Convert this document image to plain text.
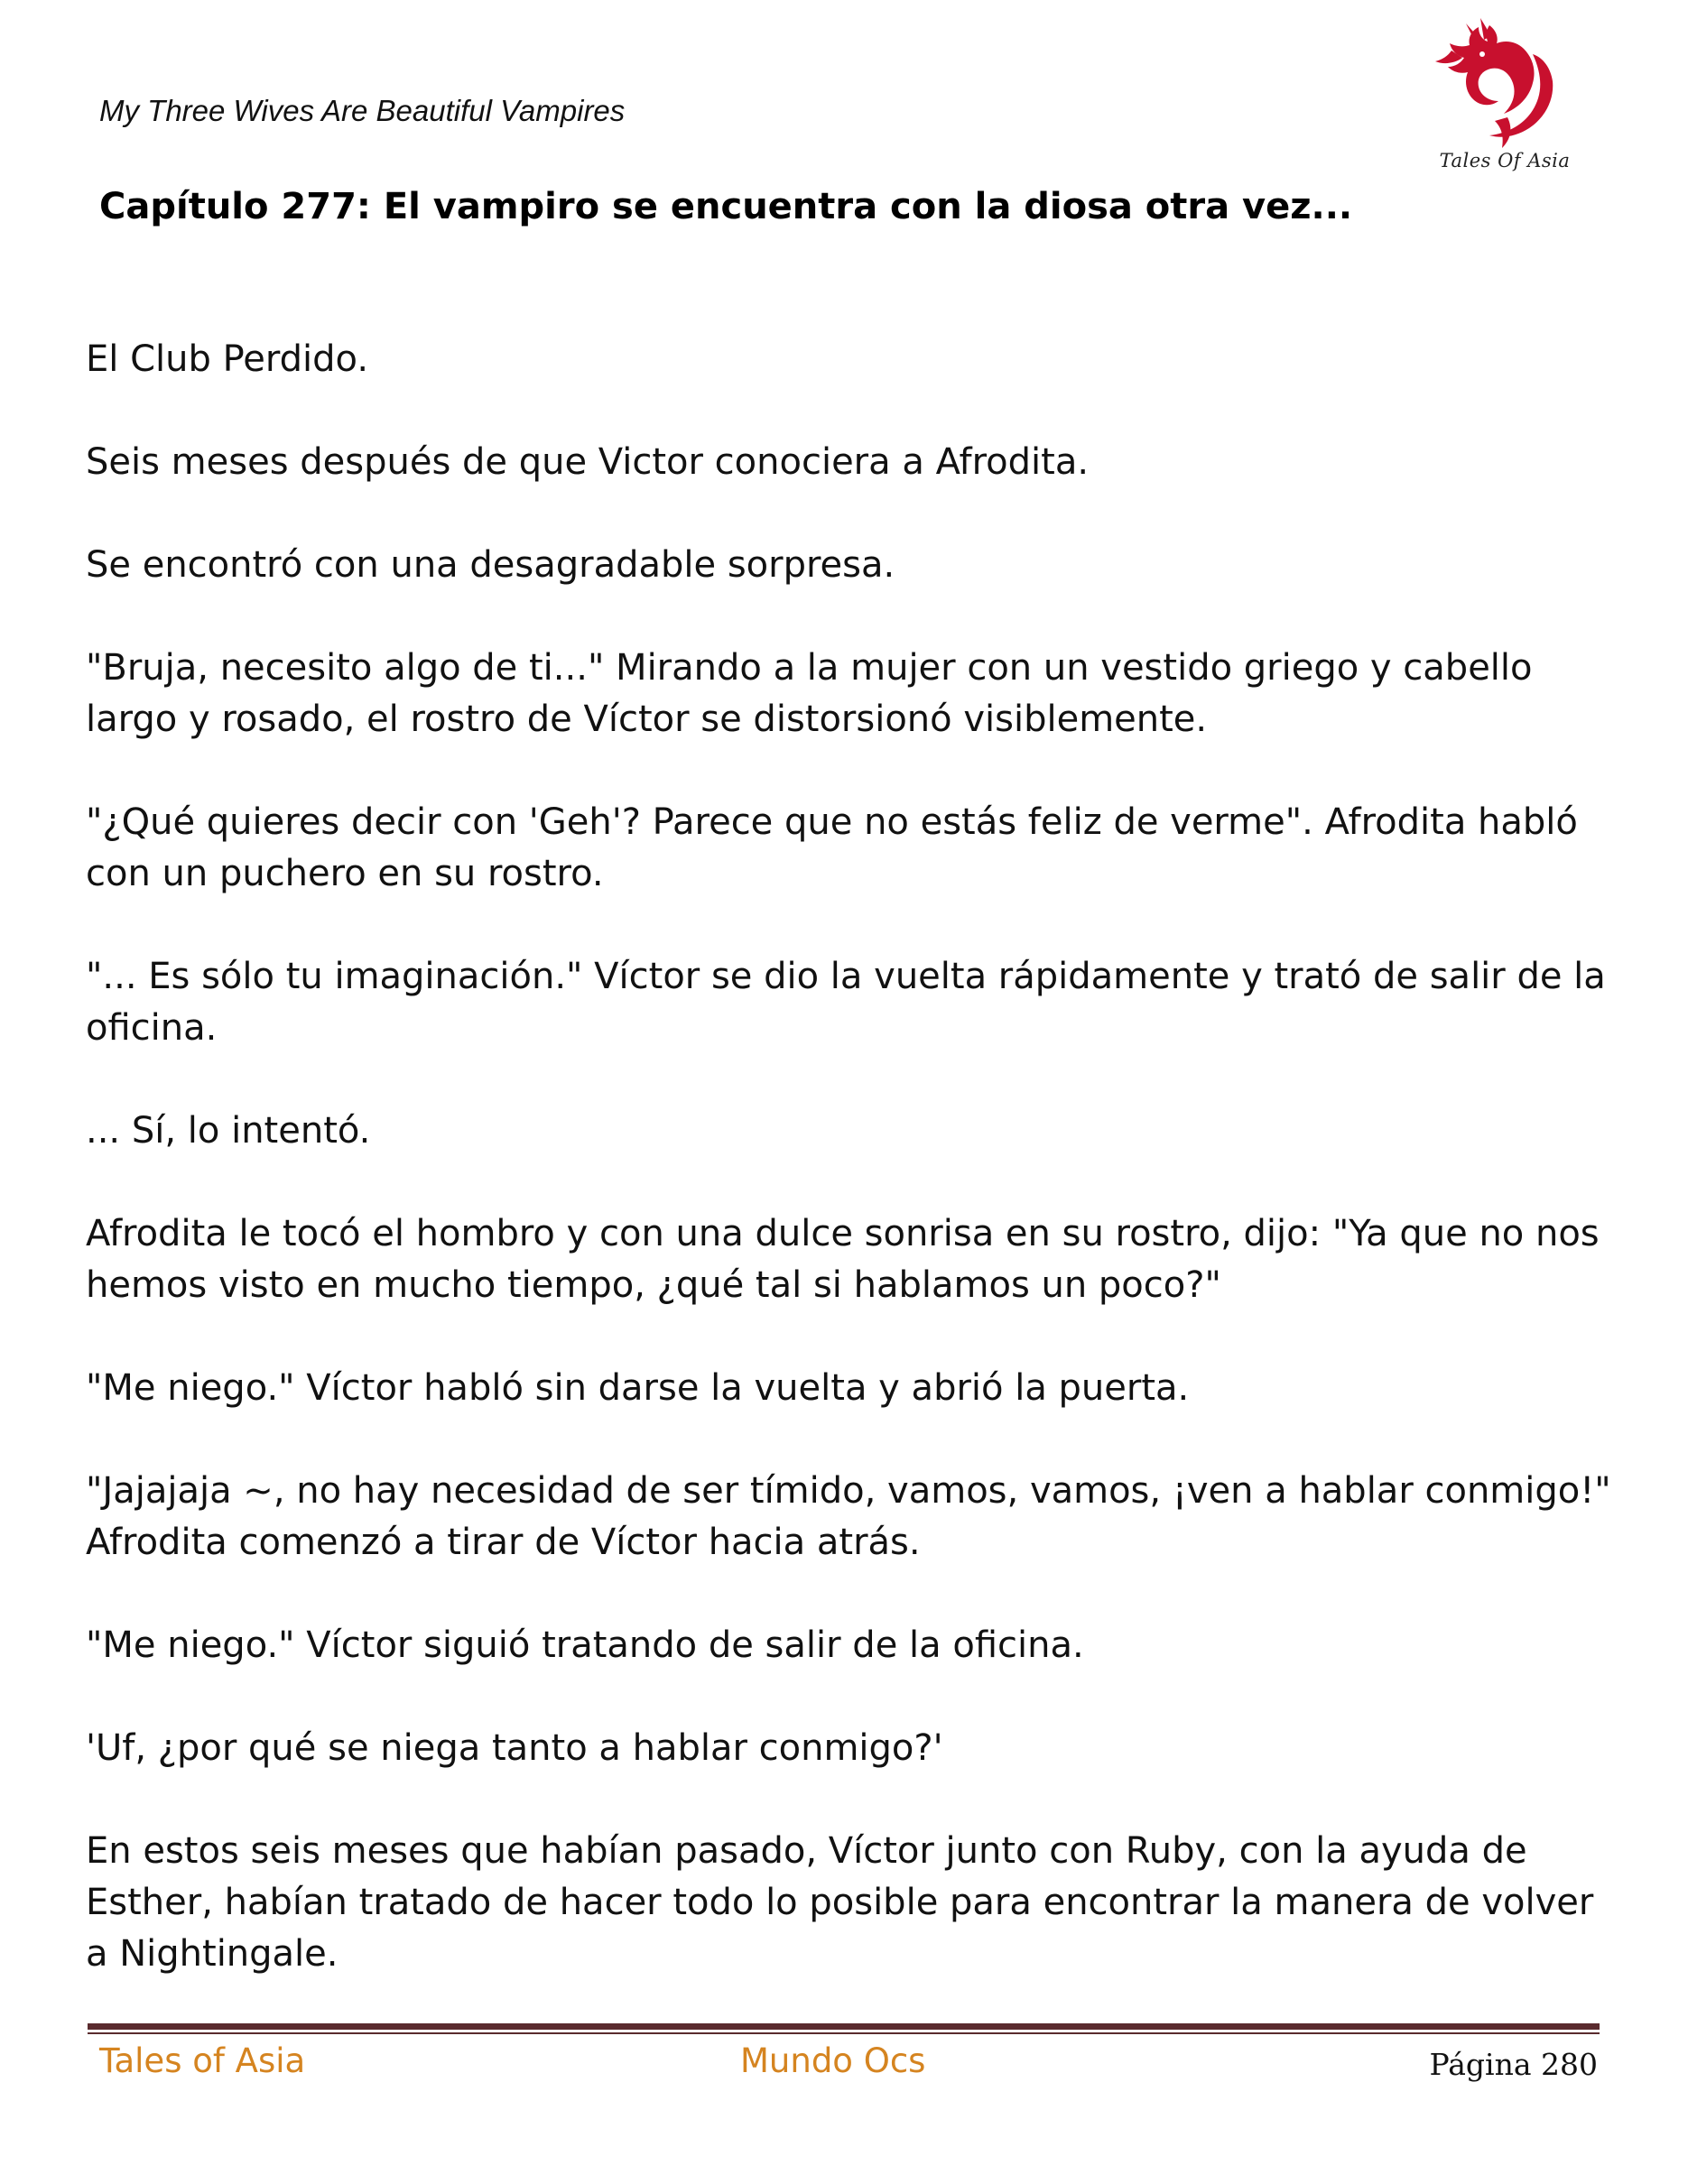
My Three Wives Are Beautiful Vampires
Tales Of Asia
Capítulo 277: El vampiro se encuentra con la diosa otra vez...

El Club Perdido.

Seis meses después de que Victor conociera a Afrodita.

Se encontró con una desagradable sorpresa.

"Bruja, necesito algo de ti..." Mirando a la mujer con un vestido griego y cabello largo y rosado, el rostro de Víctor se distorsionó visiblemente.

"¿Qué quieres decir con 'Geh'? Parece que no estás feliz de verme". Afrodita habló con un puchero en su rostro.

"... Es sólo tu imaginación." Víctor se dio la vuelta rápidamente y trató de salir de la oficina.

... Sí, lo intentó.

Afrodita le tocó el hombro y con una dulce sonrisa en su rostro, dijo: "Ya que no nos hemos visto en mucho tiempo, ¿qué tal si hablamos un poco?"

"Me niego." Víctor habló sin darse la vuelta y abrió la puerta.

"Jajajaja ~, no hay necesidad de ser tímido, vamos, vamos, ¡ven a hablar conmigo!" Afrodita comenzó a tirar de Víctor hacia atrás.

"Me niego." Víctor siguió tratando de salir de la oficina.

'Uf, ¿por qué se niega tanto a hablar conmigo?'

En estos seis meses que habían pasado, Víctor junto con Ruby, con la ayuda de Esther, habían tratado de hacer todo lo posible para encontrar la manera de volver a Nightingale.

Tales of Asia	Mundo Ocs	Página 280
